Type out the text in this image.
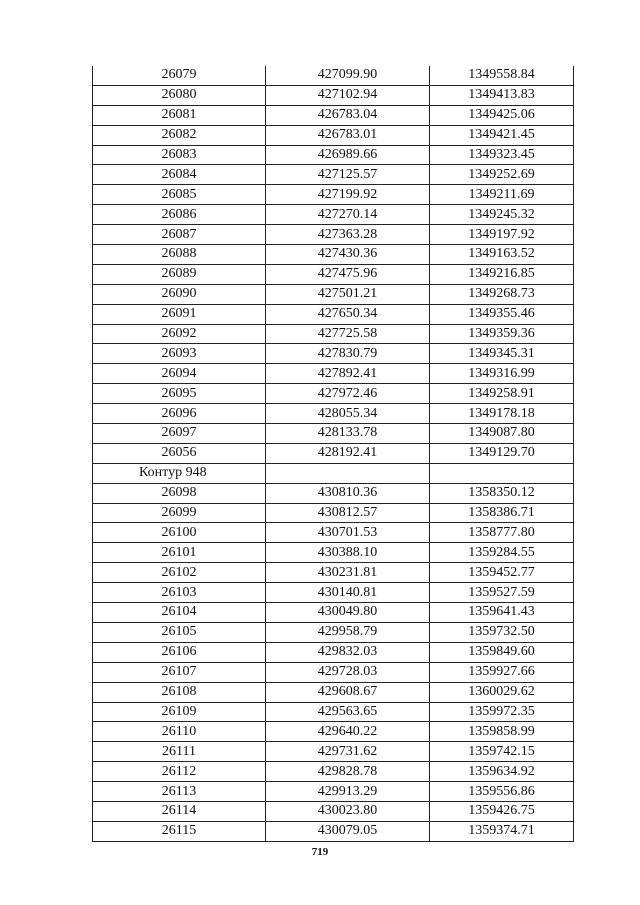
26079	427099.90	1349558.84
26080	427102.94	1349413.83
26081	426783.04	1349425.06
26082	426783.01	1349421.45
26083	426989.66	1349323.45
26084	427125.57	1349252.69
26085	427199.92	1349211.69
26086	427270.14	1349245.32
26087	427363.28	1349197.92
26088	427430.36	1349163.52
26089	427475.96	1349216.85
26090	427501.21	1349268.73
26091	427650.34	1349355.46
26092	427725.58	1349359.36
26093	427830.79	1349345.31
26094	427892.41	1349316.99
26095	427972.46	1349258.91
26096	428055.34	1349178.18
26097	428133.78	1349087.80
26056	428192.41	1349129.70
Контур 948		
26098	430810.36	1358350.12
26099	430812.57	1358386.71
26100	430701.53	1358777.80
26101	430388.10	1359284.55
26102	430231.81	1359452.77
26103	430140.81	1359527.59
26104	430049.80	1359641.43
26105	429958.79	1359732.50
26106	429832.03	1359849.60
26107	429728.03	1359927.66
26108	429608.67	1360029.62
26109	429563.65	1359972.35
26110	429640.22	1359858.99
26111	429731.62	1359742.15
26112	429828.78	1359634.92
26113	429913.29	1359556.86
26114	430023.80	1359426.75
26115	430079.05	1359374.71
719
